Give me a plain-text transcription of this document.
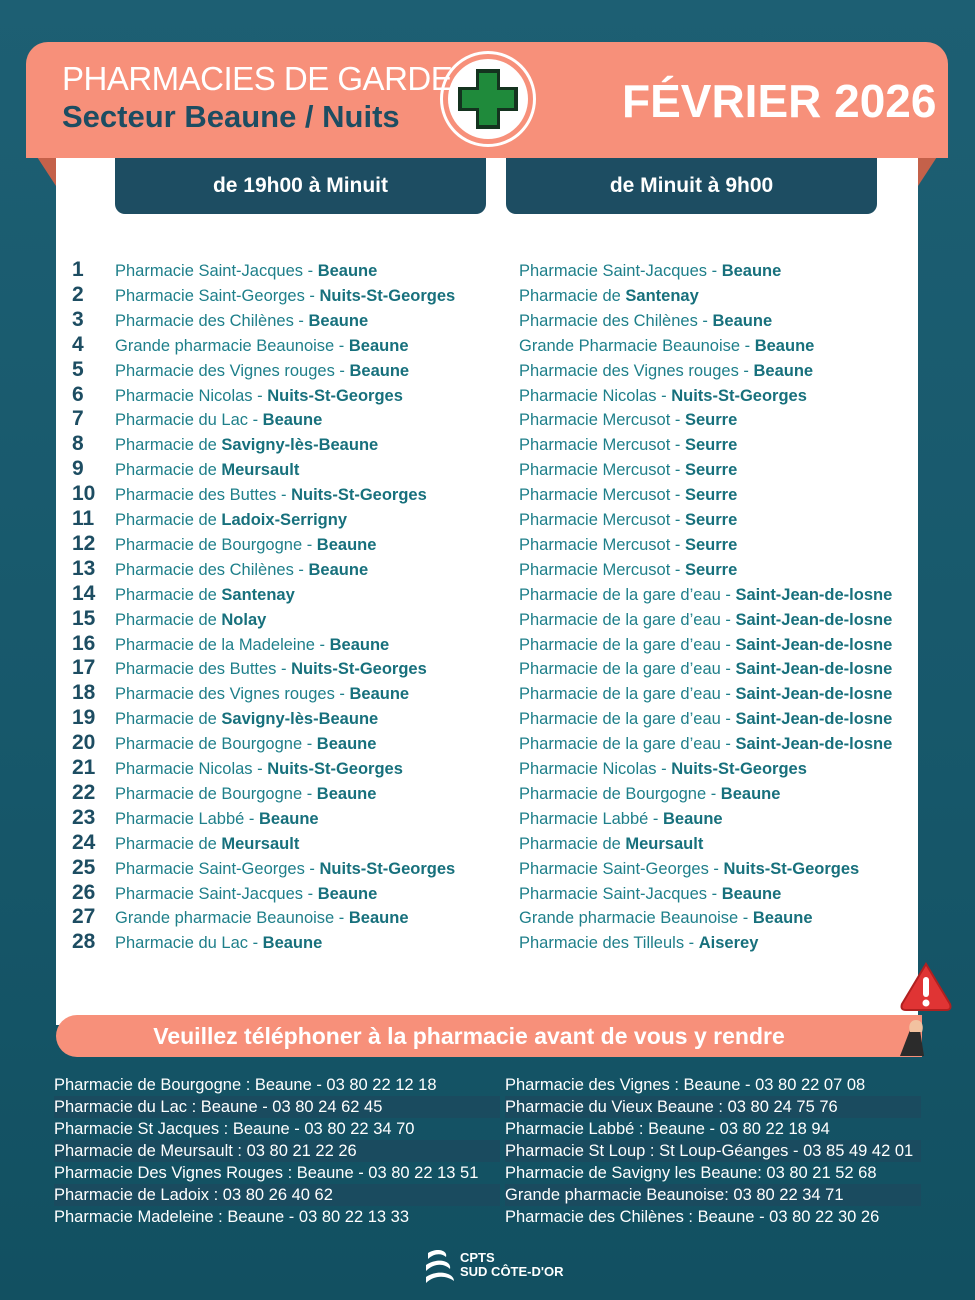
PHARMACIES DE GARDE
Secteur Beaune / Nuits	FÉVRIER 2026
de 19h00 à Minuit	de Minuit à 9h00
1 Pharmacie Saint-Jacques - Beaune	Pharmacie Saint-Jacques - Beaune
2 Pharmacie Saint-Georges - Nuits-St-Georges	Pharmacie de Santenay
3 Pharmacie des Chilènes - Beaune	Pharmacie des Chilènes - Beaune
4 Grande pharmacie Beaunoise - Beaune	Grande Pharmacie Beaunoise - Beaune
5 Pharmacie des Vignes rouges - Beaune	Pharmacie des Vignes rouges - Beaune
6 Pharmacie Nicolas - Nuits-St-Georges	Pharmacie Nicolas - Nuits-St-Georges
7 Pharmacie du Lac - Beaune	Pharmacie Mercusot - Seurre
8 Pharmacie de Savigny-lès-Beaune	Pharmacie Mercusot - Seurre
9 Pharmacie de Meursault	Pharmacie Mercusot - Seurre
10 Pharmacie des Buttes - Nuits-St-Georges	Pharmacie Mercusot - Seurre
11 Pharmacie de Ladoix-Serrigny	Pharmacie Mercusot - Seurre
12 Pharmacie de Bourgogne - Beaune	Pharmacie Mercusot - Seurre
13 Pharmacie des Chilènes - Beaune	Pharmacie Mercusot - Seurre
14 Pharmacie de Santenay	Pharmacie de la gare d’eau - Saint-Jean-de-losne
15 Pharmacie de Nolay	Pharmacie de la gare d’eau - Saint-Jean-de-losne
16 Pharmacie de la Madeleine - Beaune	Pharmacie de la gare d’eau - Saint-Jean-de-losne
17 Pharmacie des Buttes - Nuits-St-Georges	Pharmacie de la gare d’eau - Saint-Jean-de-losne
18 Pharmacie des Vignes rouges - Beaune	Pharmacie de la gare d’eau - Saint-Jean-de-losne
19 Pharmacie de Savigny-lès-Beaune	Pharmacie de la gare d’eau - Saint-Jean-de-losne
20 Pharmacie de Bourgogne - Beaune	Pharmacie de la gare d’eau - Saint-Jean-de-losne
21 Pharmacie Nicolas - Nuits-St-Georges	Pharmacie Nicolas - Nuits-St-Georges
22 Pharmacie de Bourgogne - Beaune	Pharmacie de Bourgogne - Beaune
23 Pharmacie Labbé - Beaune	Pharmacie Labbé - Beaune
24 Pharmacie de Meursault	Pharmacie de Meursault
25 Pharmacie Saint-Georges - Nuits-St-Georges	Pharmacie Saint-Georges - Nuits-St-Georges
26 Pharmacie Saint-Jacques - Beaune	Pharmacie Saint-Jacques - Beaune
27 Grande pharmacie Beaunoise - Beaune	Grande pharmacie Beaunoise - Beaune
28 Pharmacie du Lac - Beaune	Pharmacie des Tilleuls - Aiserey
Veuillez téléphoner à la pharmacie avant de vous y rendre
Pharmacie de Bourgogne : Beaune - 03 80 22 12 18
Pharmacie du Lac : Beaune - 03 80 24 62 45
Pharmacie St Jacques : Beaune - 03 80 22 34 70
Pharmacie de Meursault : 03 80 21 22 26
Pharmacie Des Vignes Rouges : Beaune - 03 80 22 13 51
Pharmacie de Ladoix : 03 80 26 40 62
Pharmacie Madeleine : Beaune - 03 80 22 13 33
Pharmacie des Vignes : Beaune - 03 80 22 07 08
Pharmacie du Vieux Beaune : 03 80 24 75 76
Pharmacie Labbé : Beaune - 03 80 22 18 94
Pharmacie St Loup : St Loup-Géanges - 03 85 49 42 01
Pharmacie de Savigny les Beaune: 03 80 21 52 68
Grande pharmacie Beaunoise: 03 80 22 34 71
Pharmacie des Chilènes : Beaune - 03 80 22 30 26
CPTS
SUD CÔTE-D'OR
